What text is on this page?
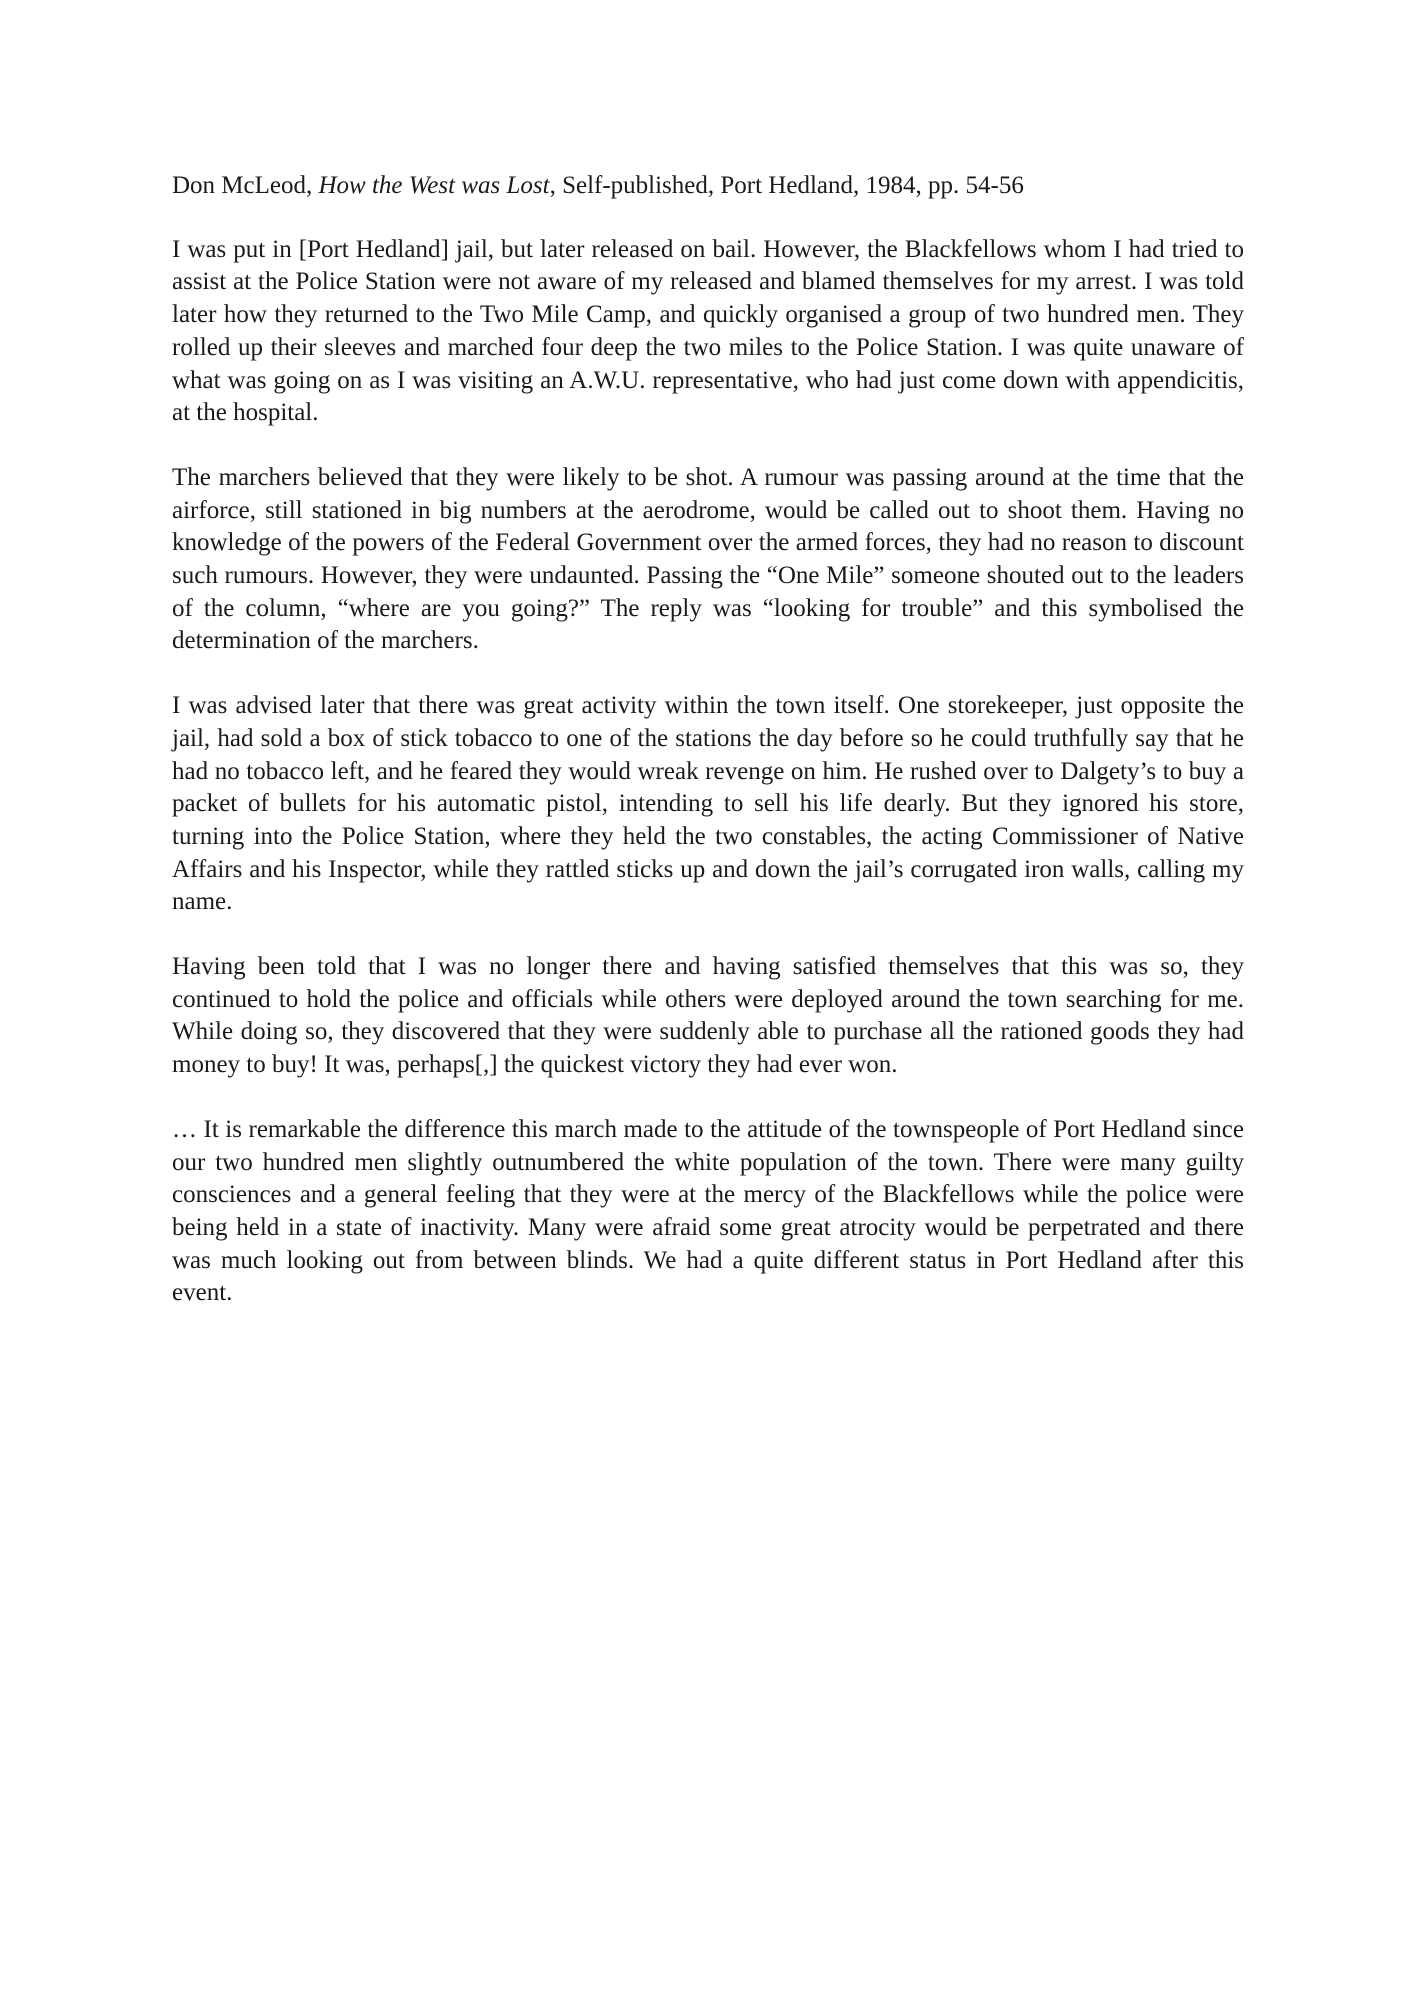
Don McLeod, How the West was Lost, Self-published, Port Hedland, 1984, pp. 54-56

I was put in [Port Hedland] jail, but later released on bail. However, the Blackfellows whom I had tried to assist at the Police Station were not aware of my released and blamed themselves for my arrest. I was told later how they returned to the Two Mile Camp, and quickly organised a group of two hundred men. They rolled up their sleeves and marched four deep the two miles to the Police Station. I was quite unaware of what was going on as I was visiting an A.W.U. representative, who had just come down with appendicitis, at the hospital.

The marchers believed that they were likely to be shot. A rumour was passing around at the time that the airforce, still stationed in big numbers at the aerodrome, would be called out to shoot them. Having no knowledge of the powers of the Federal Government over the armed forces, they had no reason to discount such rumours. However, they were undaunted. Passing the “One Mile” someone shouted out to the leaders of the column, “where are you going?” The reply was “looking for trouble” and this symbolised the determination of the marchers.

I was advised later that there was great activity within the town itself. One storekeeper, just opposite the jail, had sold a box of stick tobacco to one of the stations the day before so he could truthfully say that he had no tobacco left, and he feared they would wreak revenge on him. He rushed over to Dalgety’s to buy a packet of bullets for his automatic pistol, intending to sell his life dearly. But they ignored his store, turning into the Police Station, where they held the two constables, the acting Commissioner of Native Affairs and his Inspector, while they rattled sticks up and down the jail’s corrugated iron walls, calling my name.

Having been told that I was no longer there and having satisfied themselves that this was so, they continued to hold the police and officials while others were deployed around the town searching for me. While doing so, they discovered that they were suddenly able to purchase all the rationed goods they had money to buy! It was, perhaps[,] the quickest victory they had ever won.

… It is remarkable the difference this march made to the attitude of the townspeople of Port Hedland since our two hundred men slightly outnumbered the white population of the town. There were many guilty consciences and a general feeling that they were at the mercy of the Blackfellows while the police were being held in a state of inactivity. Many were afraid some great atrocity would be perpetrated and there was much looking out from between blinds. We had a quite different status in Port Hedland after this event.
